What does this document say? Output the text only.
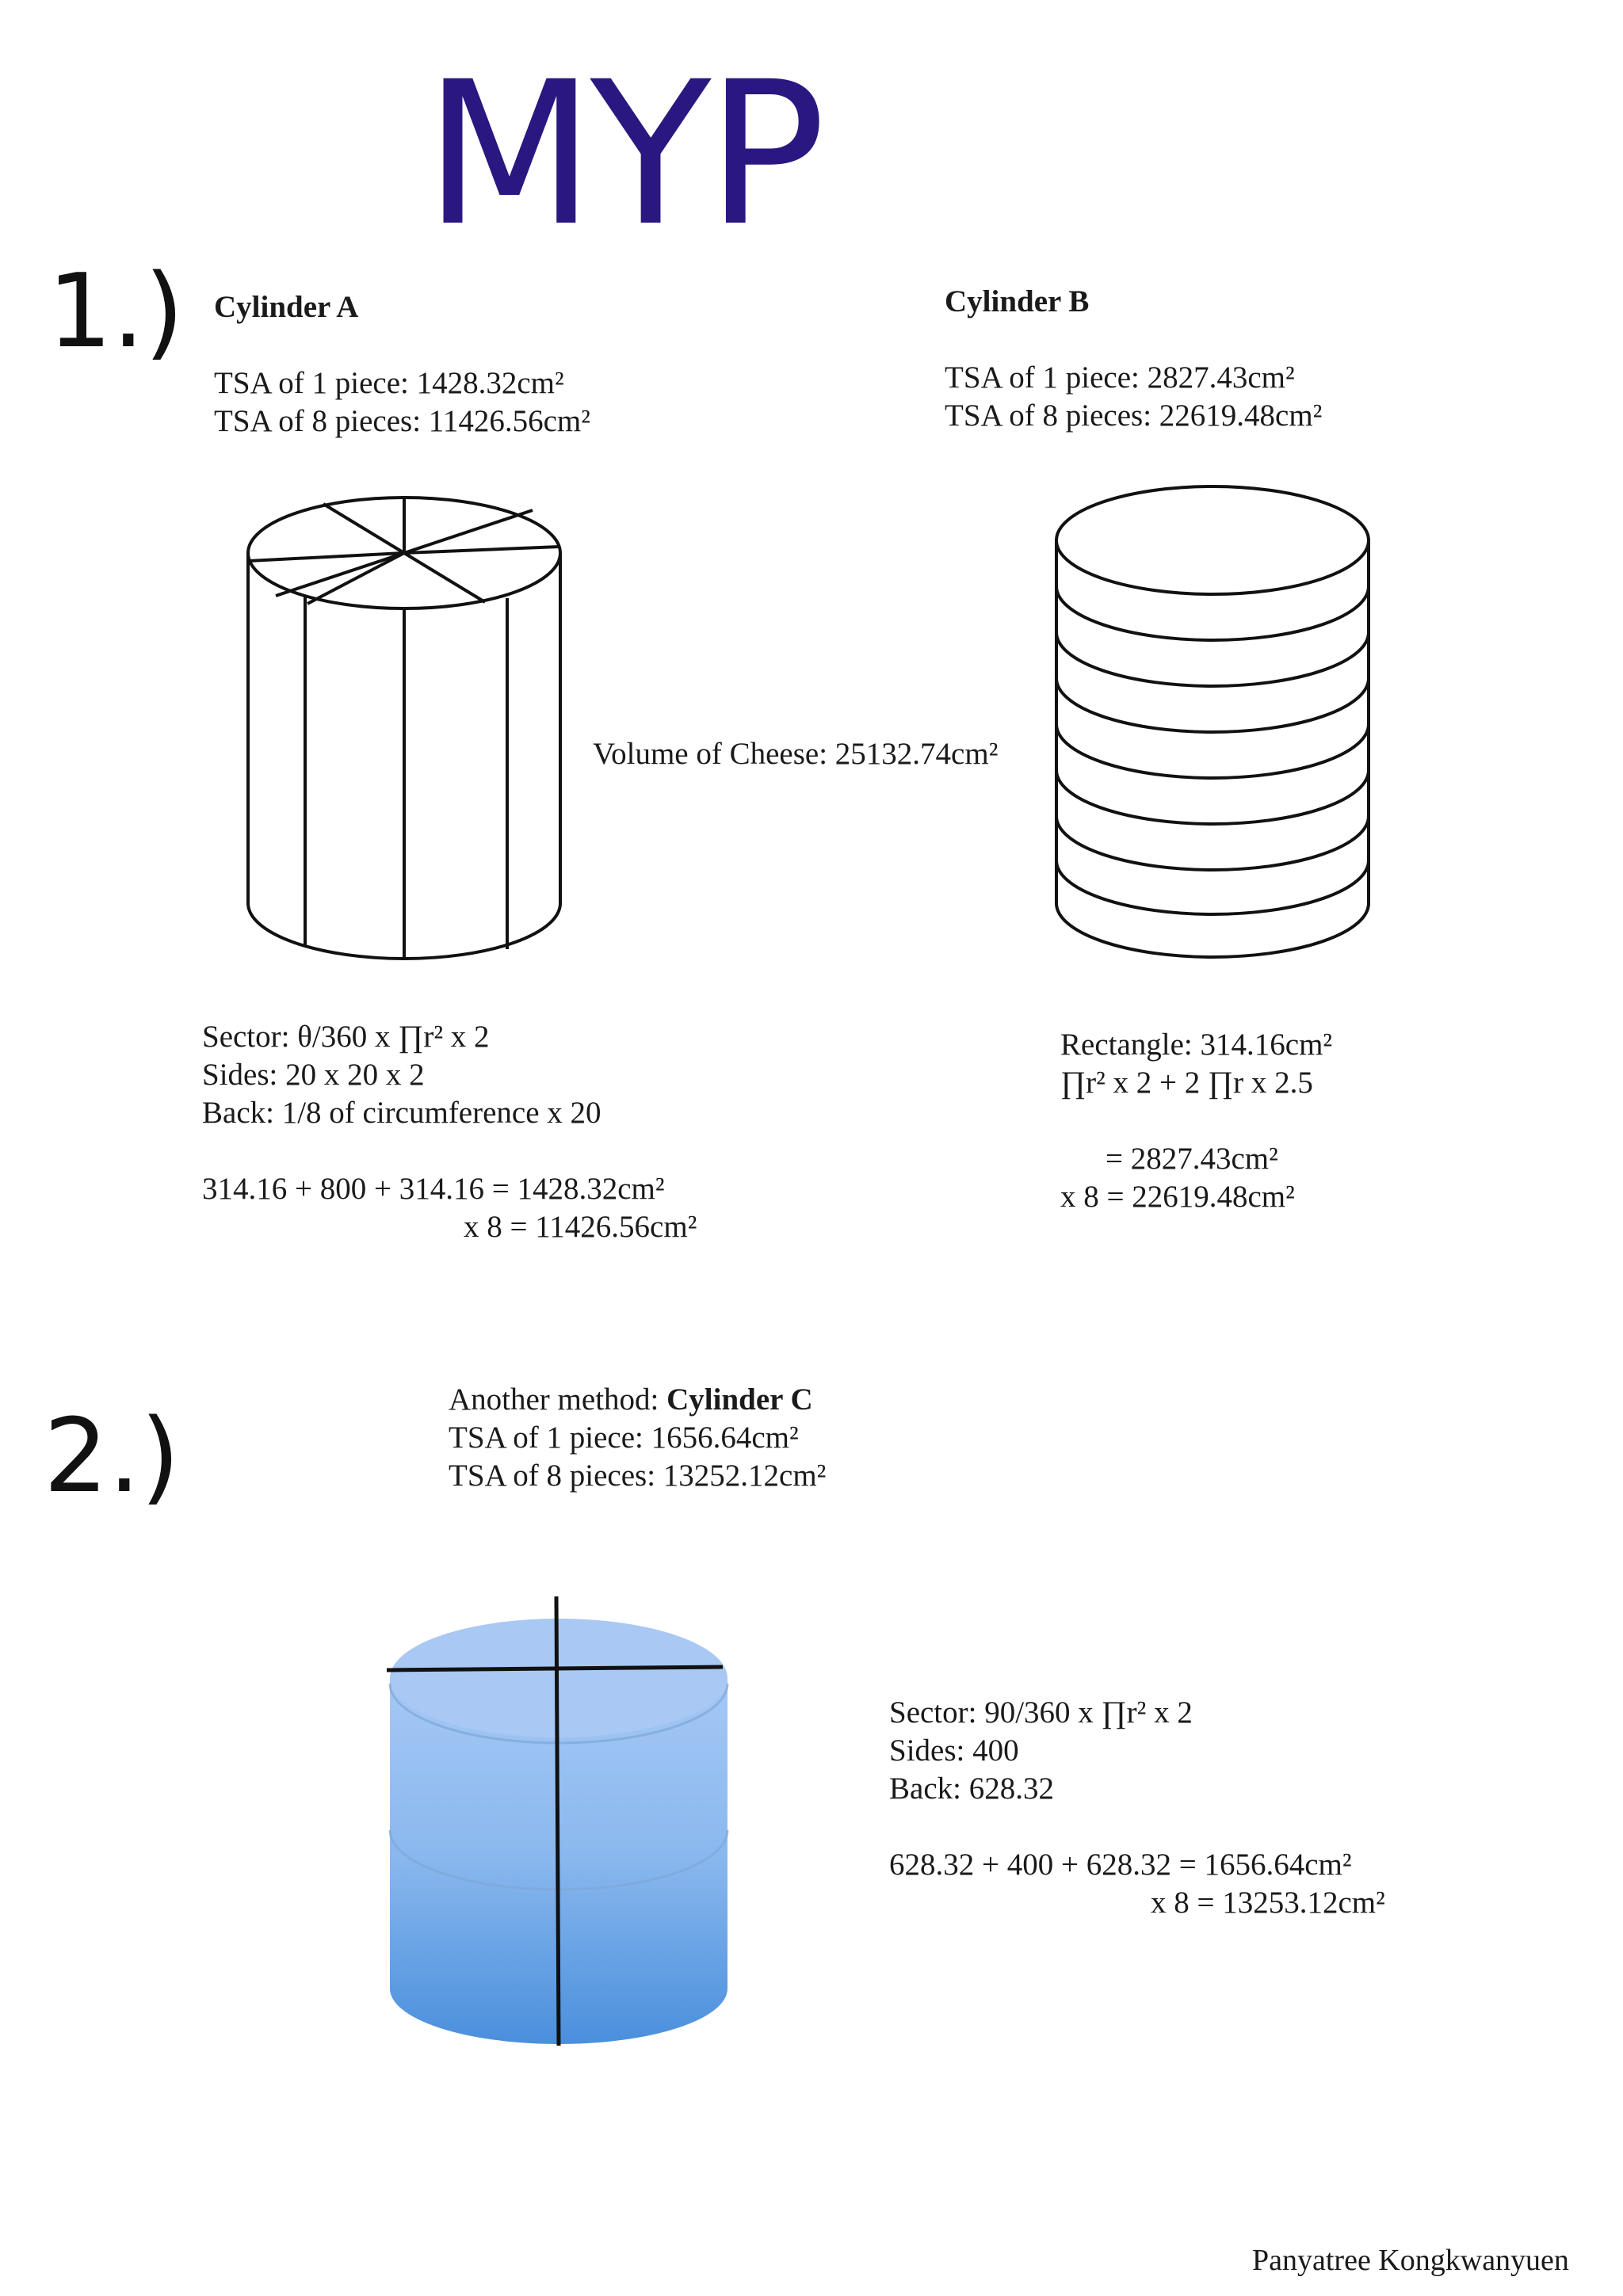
MYP
1.) Cylinder A
TSA of 1 piece: 1428.32cm²
TSA of 8 pieces: 11426.56cm²
Cylinder B
TSA of 1 piece: 2827.43cm²
TSA of 8 pieces: 22619.48cm²
Volume of Cheese: 25132.74cm²
Sector: θ/360 x ∏r² x 2
Sides: 20 x 20 x 2
Back: 1/8 of circumference x 20
314.16 + 800 + 314.16 = 1428.32cm²
x 8 = 11426.56cm²
Rectangle: 314.16cm²
∏r² x 2 + 2 ∏r x 2.5
= 2827.43cm²
x 8 = 22619.48cm²
2.)	Another method: Cylinder C
TSA of 1 piece: 1656.64cm²
TSA of 8 pieces: 13252.12cm²
Sector: 90/360 x ∏r² x 2
Sides: 400
Back: 628.32
628.32 + 400 + 628.32 = 1656.64cm²
x 8 = 13253.12cm²
Panyatree Kongkwanyuen
